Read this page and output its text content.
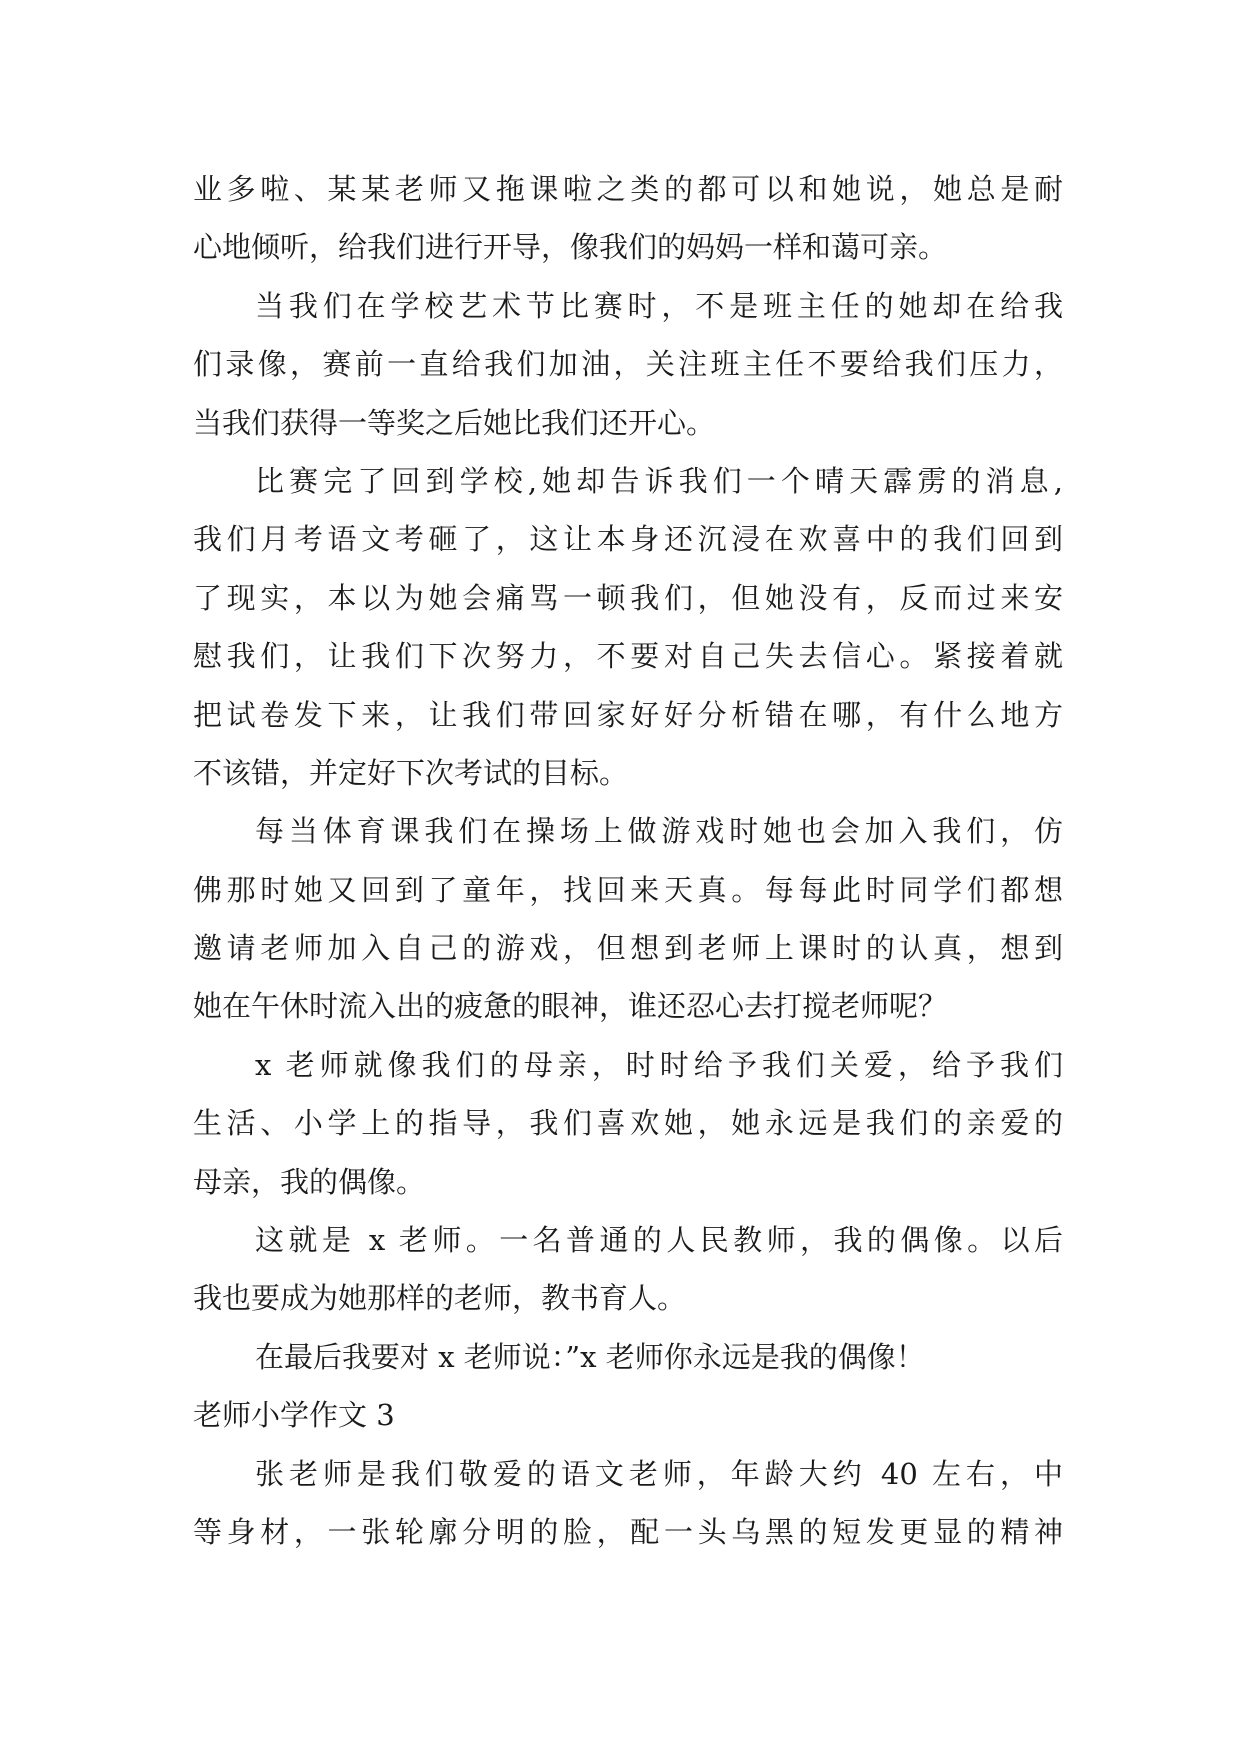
业多啦、某某老师又拖课啦之类的都可以和她说，她总是耐
心地倾听，给我们进行开导，像我们的妈妈一样和蔼可亲。
当我们在学校艺术节比赛时，不是班主任的她却在给我
们录像，赛前一直给我们加油，关注班主任不要给我们压力，
当我们获得一等奖之后她比我们还开心。
比赛完了回到学校,她却告诉我们一个晴天霹雳的消息,
我们月考语文考砸了，这让本身还沉浸在欢喜中的我们回到
了现实，本以为她会痛骂一顿我们，但她没有，反而过来安
慰我们，让我们下次努力，不要对自己失去信心。紧接着就
把试卷发下来，让我们带回家好好分析错在哪，有什么地方
不该错，并定好下次考试的目标。
每当体育课我们在操场上做游戏时她也会加入我们，仿
佛那时她又回到了童年，找回来天真。每每此时同学们都想
邀请老师加入自己的游戏，但想到老师上课时的认真，想到
她在午休时流入出的疲惫的眼神，谁还忍心去打搅老师呢？
x 老师就像我们的母亲，时时给予我们关爱，给予我们
生活、小学上的指导，我们喜欢她，她永远是我们的亲爱的
母亲，我的偶像。
这就是 x 老师。一名普通的人民教师，我的偶像。以后
我也要成为她那样的老师，教书育人。
在最后我要对 x 老师说：”x 老师你永远是我的偶像！
老师小学作文 3
张老师是我们敬爱的语文老师，年龄大约 40 左右，中
等身材，一张轮廓分明的脸，配一头乌黑的短发更显的精神
